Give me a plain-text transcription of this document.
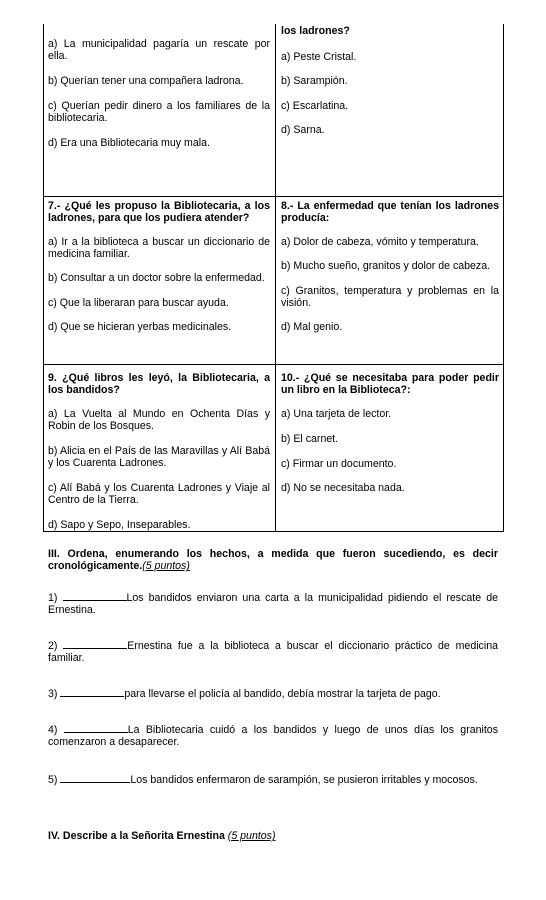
a) La municipalidad pagaría un rescate por ella.
b) Querían tener una compañera ladrona.
c) Querían pedir dinero a los familiares de la bibliotecaria.
d) Era una Bibliotecaria muy mala.
los ladrones?
a) Peste Cristal.
b) Sarampión.
c) Escarlatina.
d) Sarna.
7.- ¿Qué les propuso la Bibliotecaria, a los ladrones, para que los pudiera atender?
a) Ir a la biblioteca a buscar un diccionario de medicina familiar.
b) Consultar a un doctor sobre la enfermedad.
c) Que la liberaran para buscar ayuda.
d) Que se hicieran yerbas medicinales.
8.- La enfermedad que tenían los ladrones producía:
a) Dolor de cabeza, vómito y temperatura.
b) Mucho sueño, granitos y dolor de cabeza.
c) Granitos, temperatura y problemas en la visión.
d) Mal genio.
9. ¿Qué libros les leyó, la Bibliotecaria, a los bandidos?
a) La Vuelta al Mundo en Ochenta Días y Robin de los Bosques.
b) Alicia en el País de las Maravillas y Alí Babá y los Cuarenta Ladrones.
c) Alí Babá y los Cuarenta Ladrones y Viaje al Centro de la Tierra.
d) Sapo y Sepo, Inseparables.
10.- ¿Qué se necesitaba para poder pedir un libro en la Biblioteca?:
a) Una tarjeta de lector.
b) El carnet.
c) Firmar un documento.
d) No se necesitaba nada.
III. Ordena, enumerando los hechos, a medida que fueron sucediendo, es decir cronológicamente.(5 puntos)
1)	Los bandidos enviaron una carta a la municipalidad pidiendo el rescate de Ernestina.
2)	Ernestina fue a la biblioteca a buscar el diccionario práctico de medicina familiar.
3)	para llevarse el policía al bandido, debía mostrar la tarjeta de pago.
4)	La Bibliotecaria cuidó a los bandidos y luego de unos días los granitos comenzaron a desaparecer.
5)	Los bandidos enfermaron de sarampión, se pusieron irritables y mocosos.
IV. Describe a la Señorita Ernestina (5 puntos)
